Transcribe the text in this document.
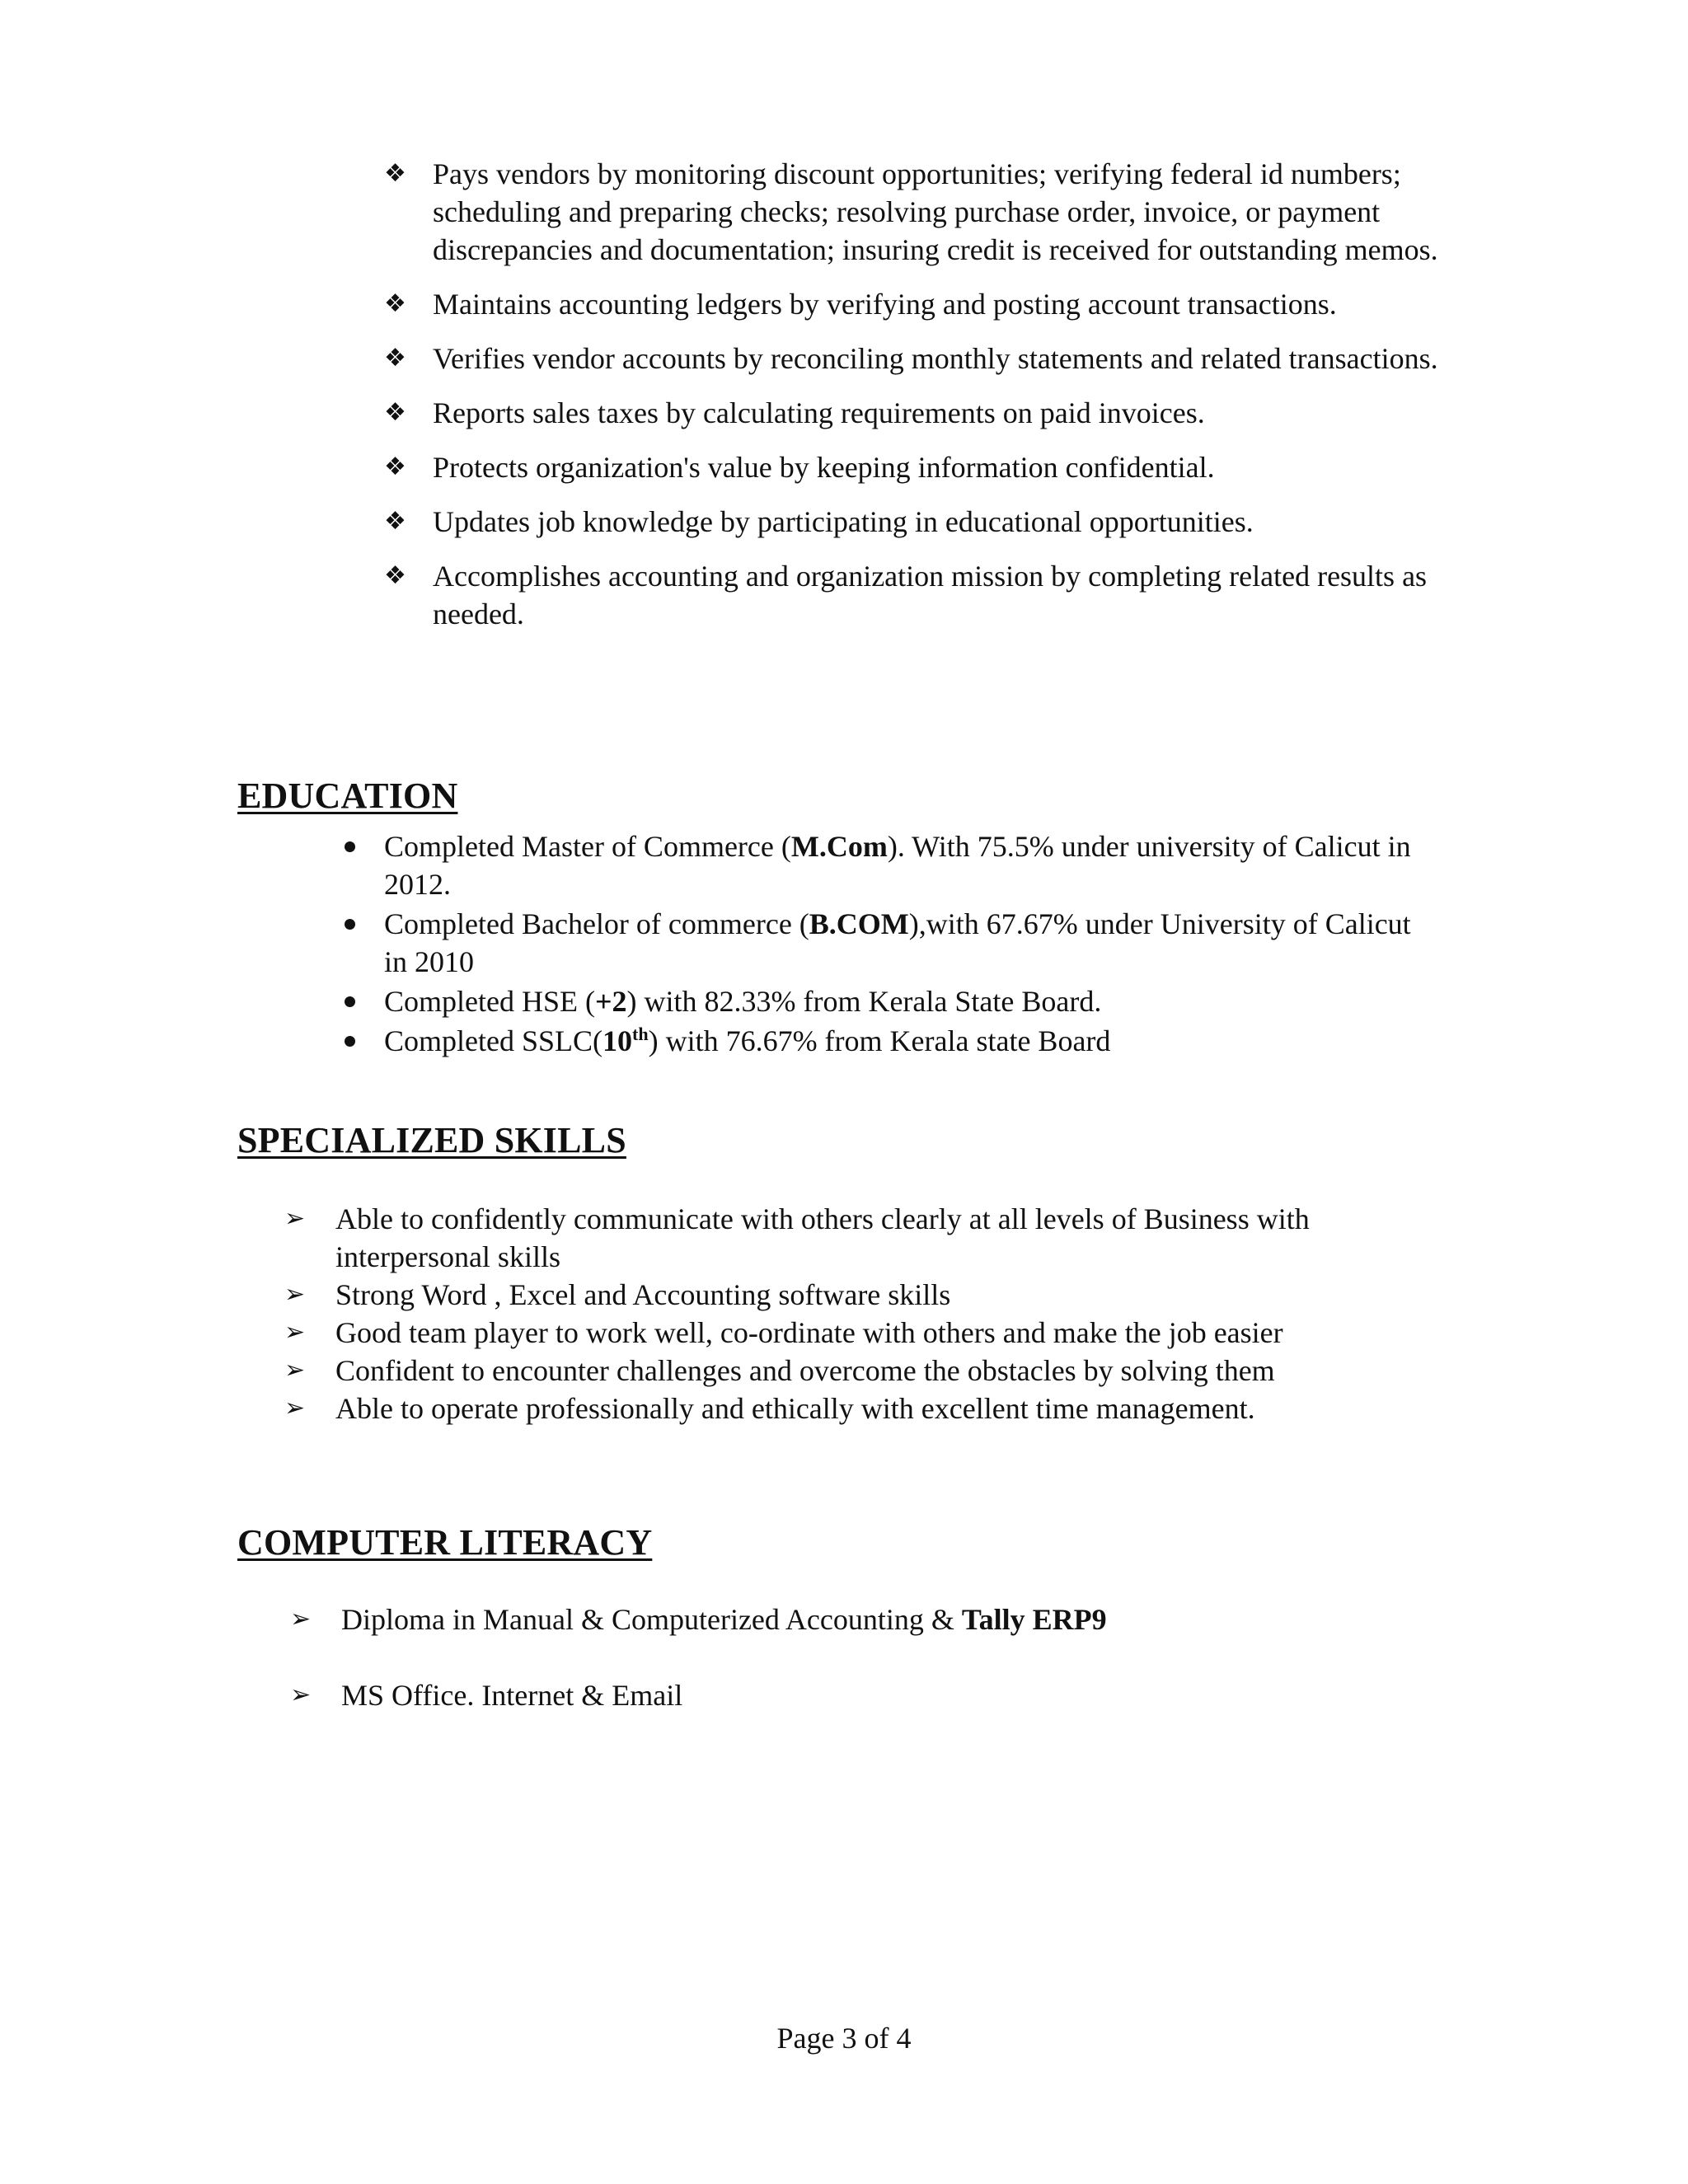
❖ Pays vendors by monitoring discount opportunities; verifying federal id numbers; scheduling and preparing checks; resolving purchase order, invoice, or payment discrepancies and documentation; insuring credit is received for outstanding memos.
❖ Maintains accounting ledgers by verifying and posting account transactions.
❖ Verifies vendor accounts by reconciling monthly statements and related transactions.
❖ Reports sales taxes by calculating requirements on paid invoices.
❖ Protects organization's value by keeping information confidential.
❖ Updates job knowledge by participating in educational opportunities.
❖ Accomplishes accounting and organization mission by completing related results as needed.
EDUCATION
Completed Master of Commerce (M.Com). With 75.5% under university of Calicut in 2012.
Completed Bachelor of commerce (B.COM),with 67.67% under University of Calicut in 2010
Completed HSE (+2) with 82.33% from Kerala State Board.
Completed SSLC(10th) with 76.67% from Kerala state Board
SPECIALIZED SKILLS
➢ Able to confidently communicate with others clearly at all levels of Business with interpersonal skills
➢ Strong Word , Excel and Accounting software skills
➢ Good team player to work well, co-ordinate with others and make the job easier
➢ Confident to encounter challenges and overcome the obstacles by solving them
➢ Able to operate professionally and ethically with excellent time management.
COMPUTER LITERACY
➢ Diploma in Manual & Computerized Accounting & Tally ERP9
➢ MS Office. Internet & Email
Page 3 of 4
